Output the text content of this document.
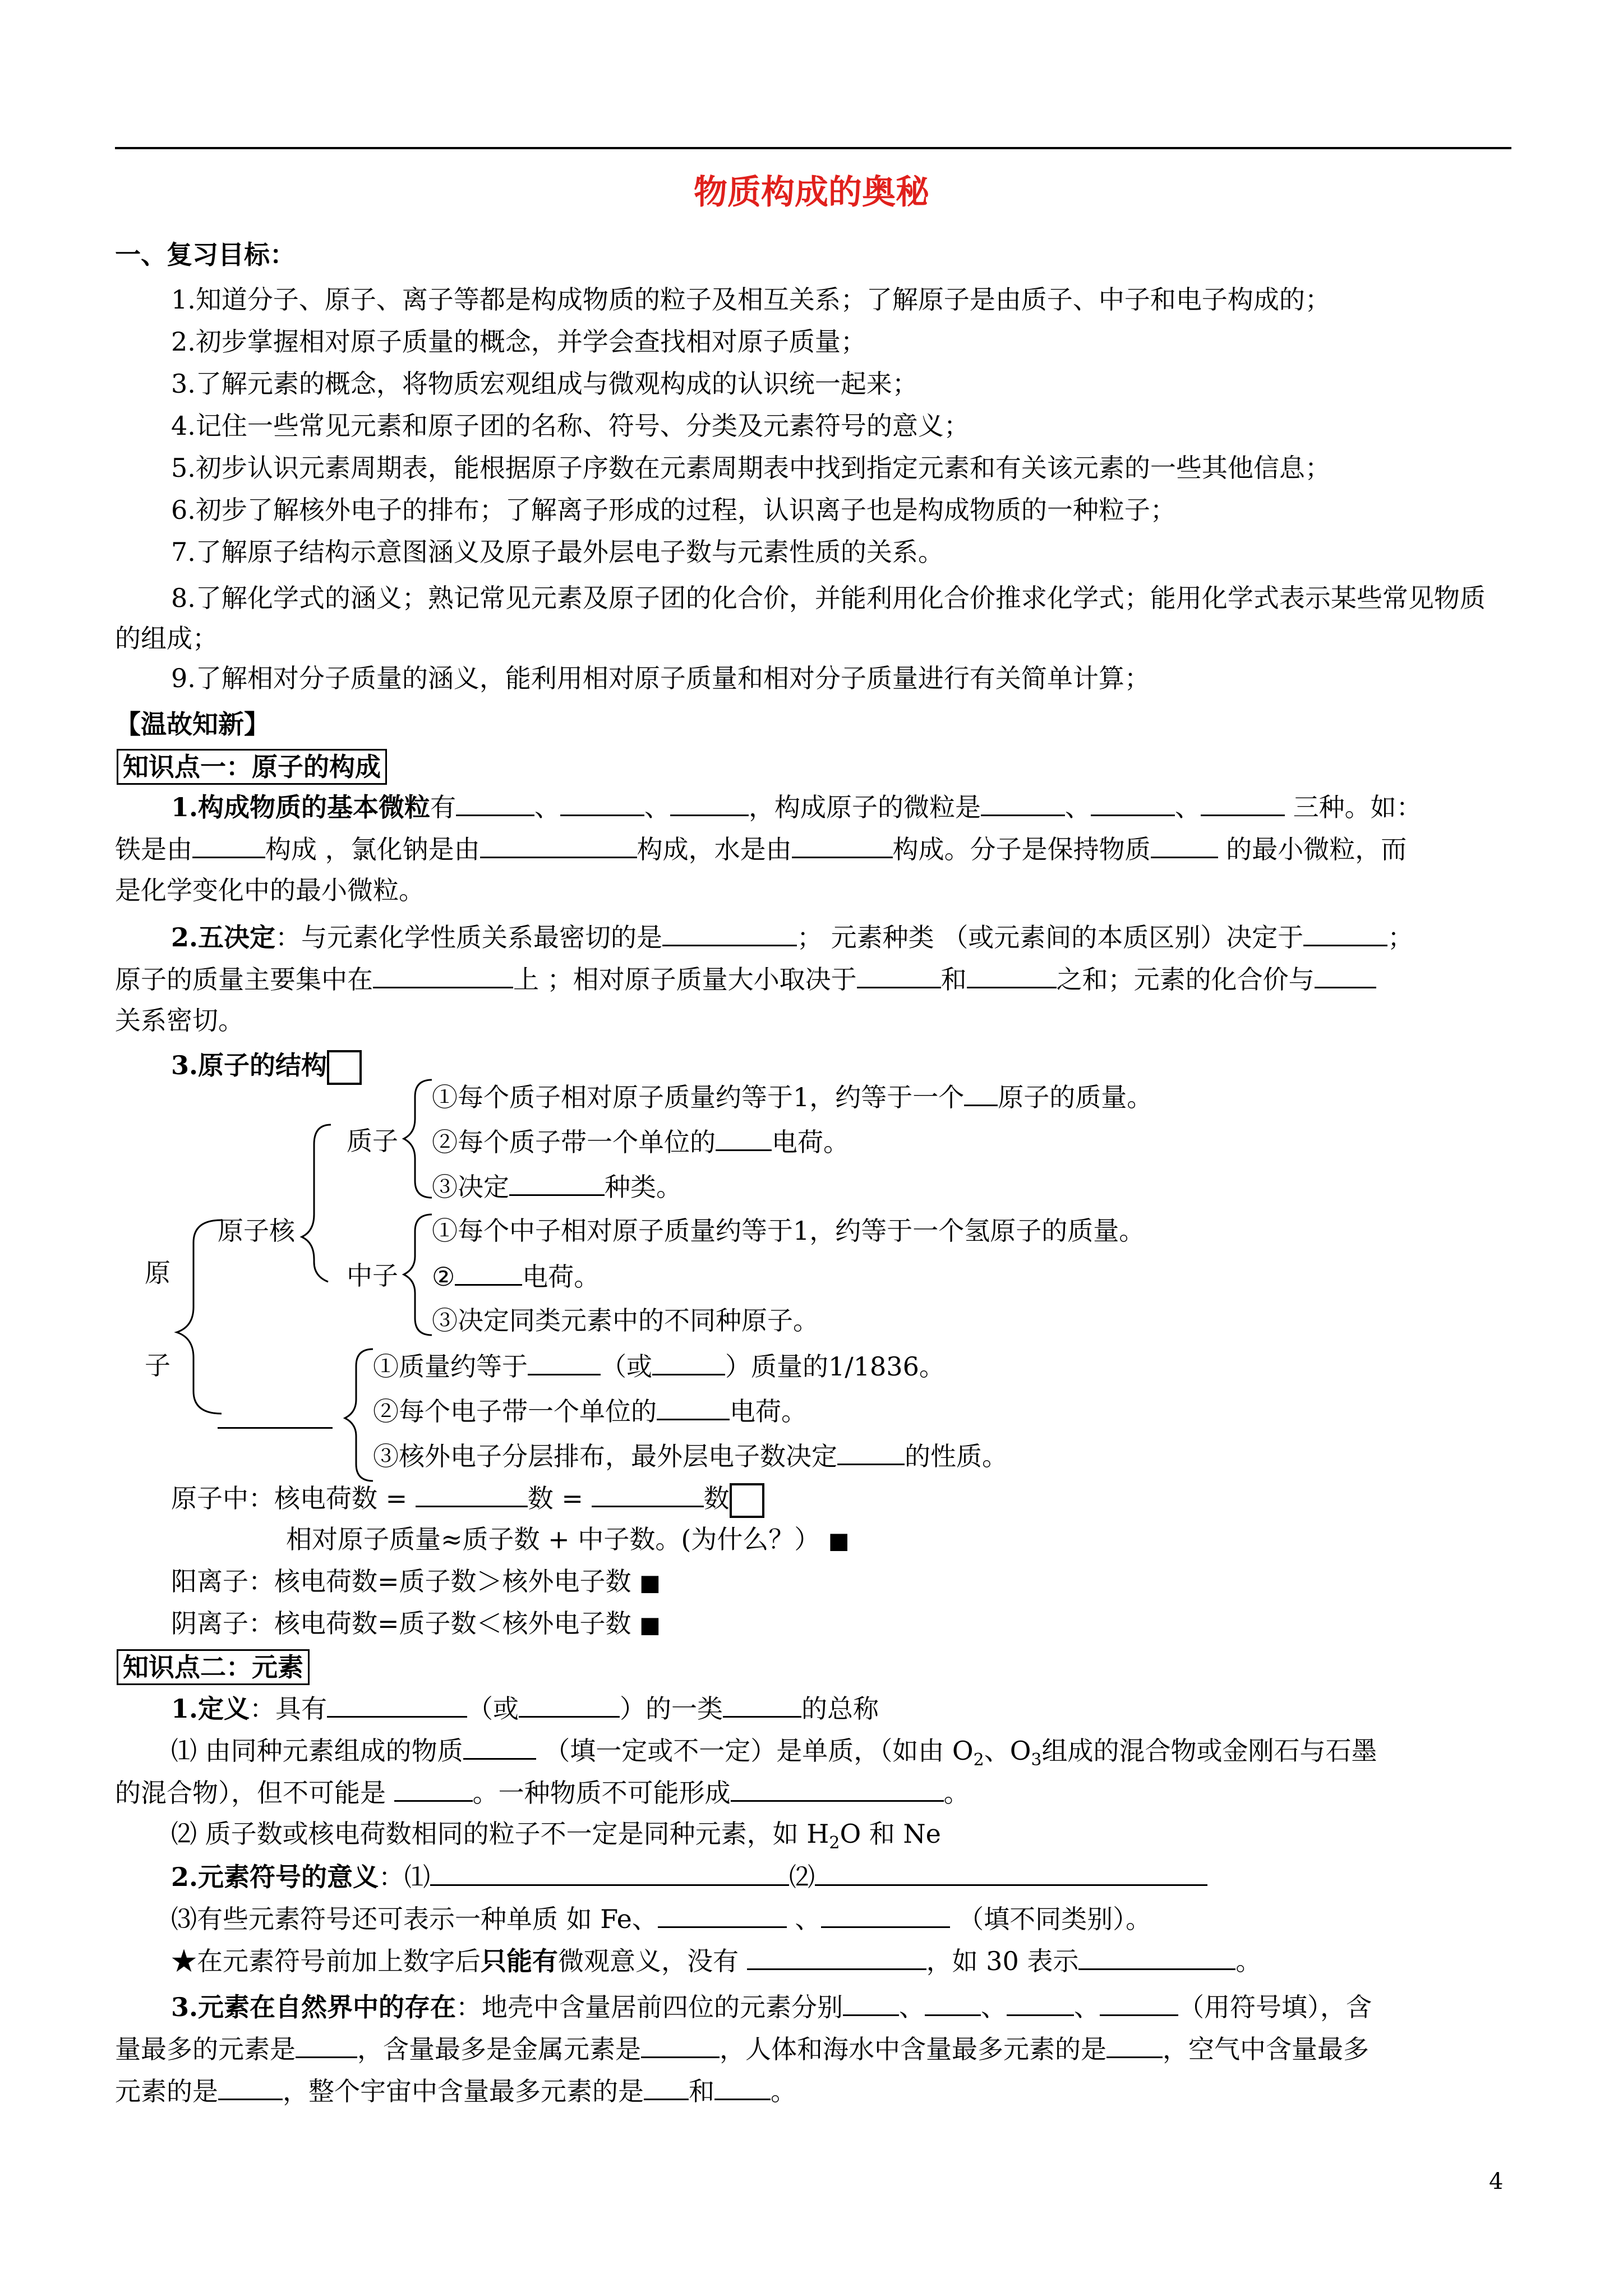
物质构成的奥秘
一、复习目标：
1.知道分子、原子、离子等都是构成物质的粒子及相互关系；了解原子是由质子、中子和电子构成的；
2.初步掌握相对原子质量的概念，并学会查找相对原子质量；
3.了解元素的概念，将物质宏观组成与微观构成的认识统一起来；
4.记住一些常见元素和原子团的名称、符号、分类及元素符号的意义；
5.初步认识元素周期表，能根据原子序数在元素周期表中找到指定元素和有关该元素的一些其他信息；
6.初步了解核外电子的排布；了解离子形成的过程，认识离子也是构成物质的一种粒子；
7.了解原子结构示意图涵义及原子最外层电子数与元素性质的关系。
8.了解化学式的涵义；熟记常见元素及原子团的化合价，并能利用化合价推求化学式；能用化学式表示某些常见物质的组成；
9.了解相对分子质量的涵义，能利用相对原子质量和相对分子质量进行有关简单计算；
【温故知新】
知识点一：原子的构成
1.构成物质的基本微粒有	、	、	，构成原子的微粒是	、	、	三种。如：
铁是由	构成 ，氯化钠是由	构成，水是由	构成。分子是保持物质	的最小微粒，而
是化学变化中的最小微粒。
2.五决定：与元素化学性质关系最密切的是	； 元素种类 （或元素间的本质区别）决定于	；
原子的质量主要集中在	上 ；相对原子质量大小取决于	和	之和；元素的化合价与
关系密切。
3.原子的结构
原
子
原子核
质子
中子
①每个质子相对原子质量约等于1，约等于一个 原子的质量。
②每个质子带一个单位的 电荷。
③决定	种类。
①每个中子相对原子质量约等于1，约等于一个氢原子的质量。
②	电荷。
③决定同类元素中的不同种原子。
①质量约等于	（或	）质量的1/1836。
②每个电子带一个单位的	电荷。
③核外电子分层排布，最外层电子数决定	的性质。
原子中：核电荷数 =	数 =	数
相对原子质量≈质子数 + 中子数。(为什么？） ■
阳离子：核电荷数=质子数＞核外电子数 ■
阴离子：核电荷数=质子数＜核外电子数 ■
知识点二：元素
1.定义：具有	（或	）的一类	的总称
⑴ 由同种元素组成的物质	（填一定或不一定）是单质，（如由 $O_2$、$O_3$组成的混合物或金刚石与石墨
的混合物），但不可能是	。一种物质不可能形成	。
⑵ 质子数或核电荷数相同的粒子不一定是同种元素，如 $H_2O$ 和 Ne
2.元素符号的意义：⑴	⑵
⑶有些元素符号还可表示一种单质 如 Fe、	、	（填不同类别）。
★在元素符号前加上数字后只能有微观意义，没有	，如 30 表示	。
3.元素在自然界中的存在：地壳中含量居前四位的元素分别 、 、	、	（用符号填），含
量最多的元素是 ，含量最多是金属元素是	，人体和海水中含量最多元素的是 ，空气中含量最多
元素的是	，整个宇宙中含量最多元素的是 和 。
4
